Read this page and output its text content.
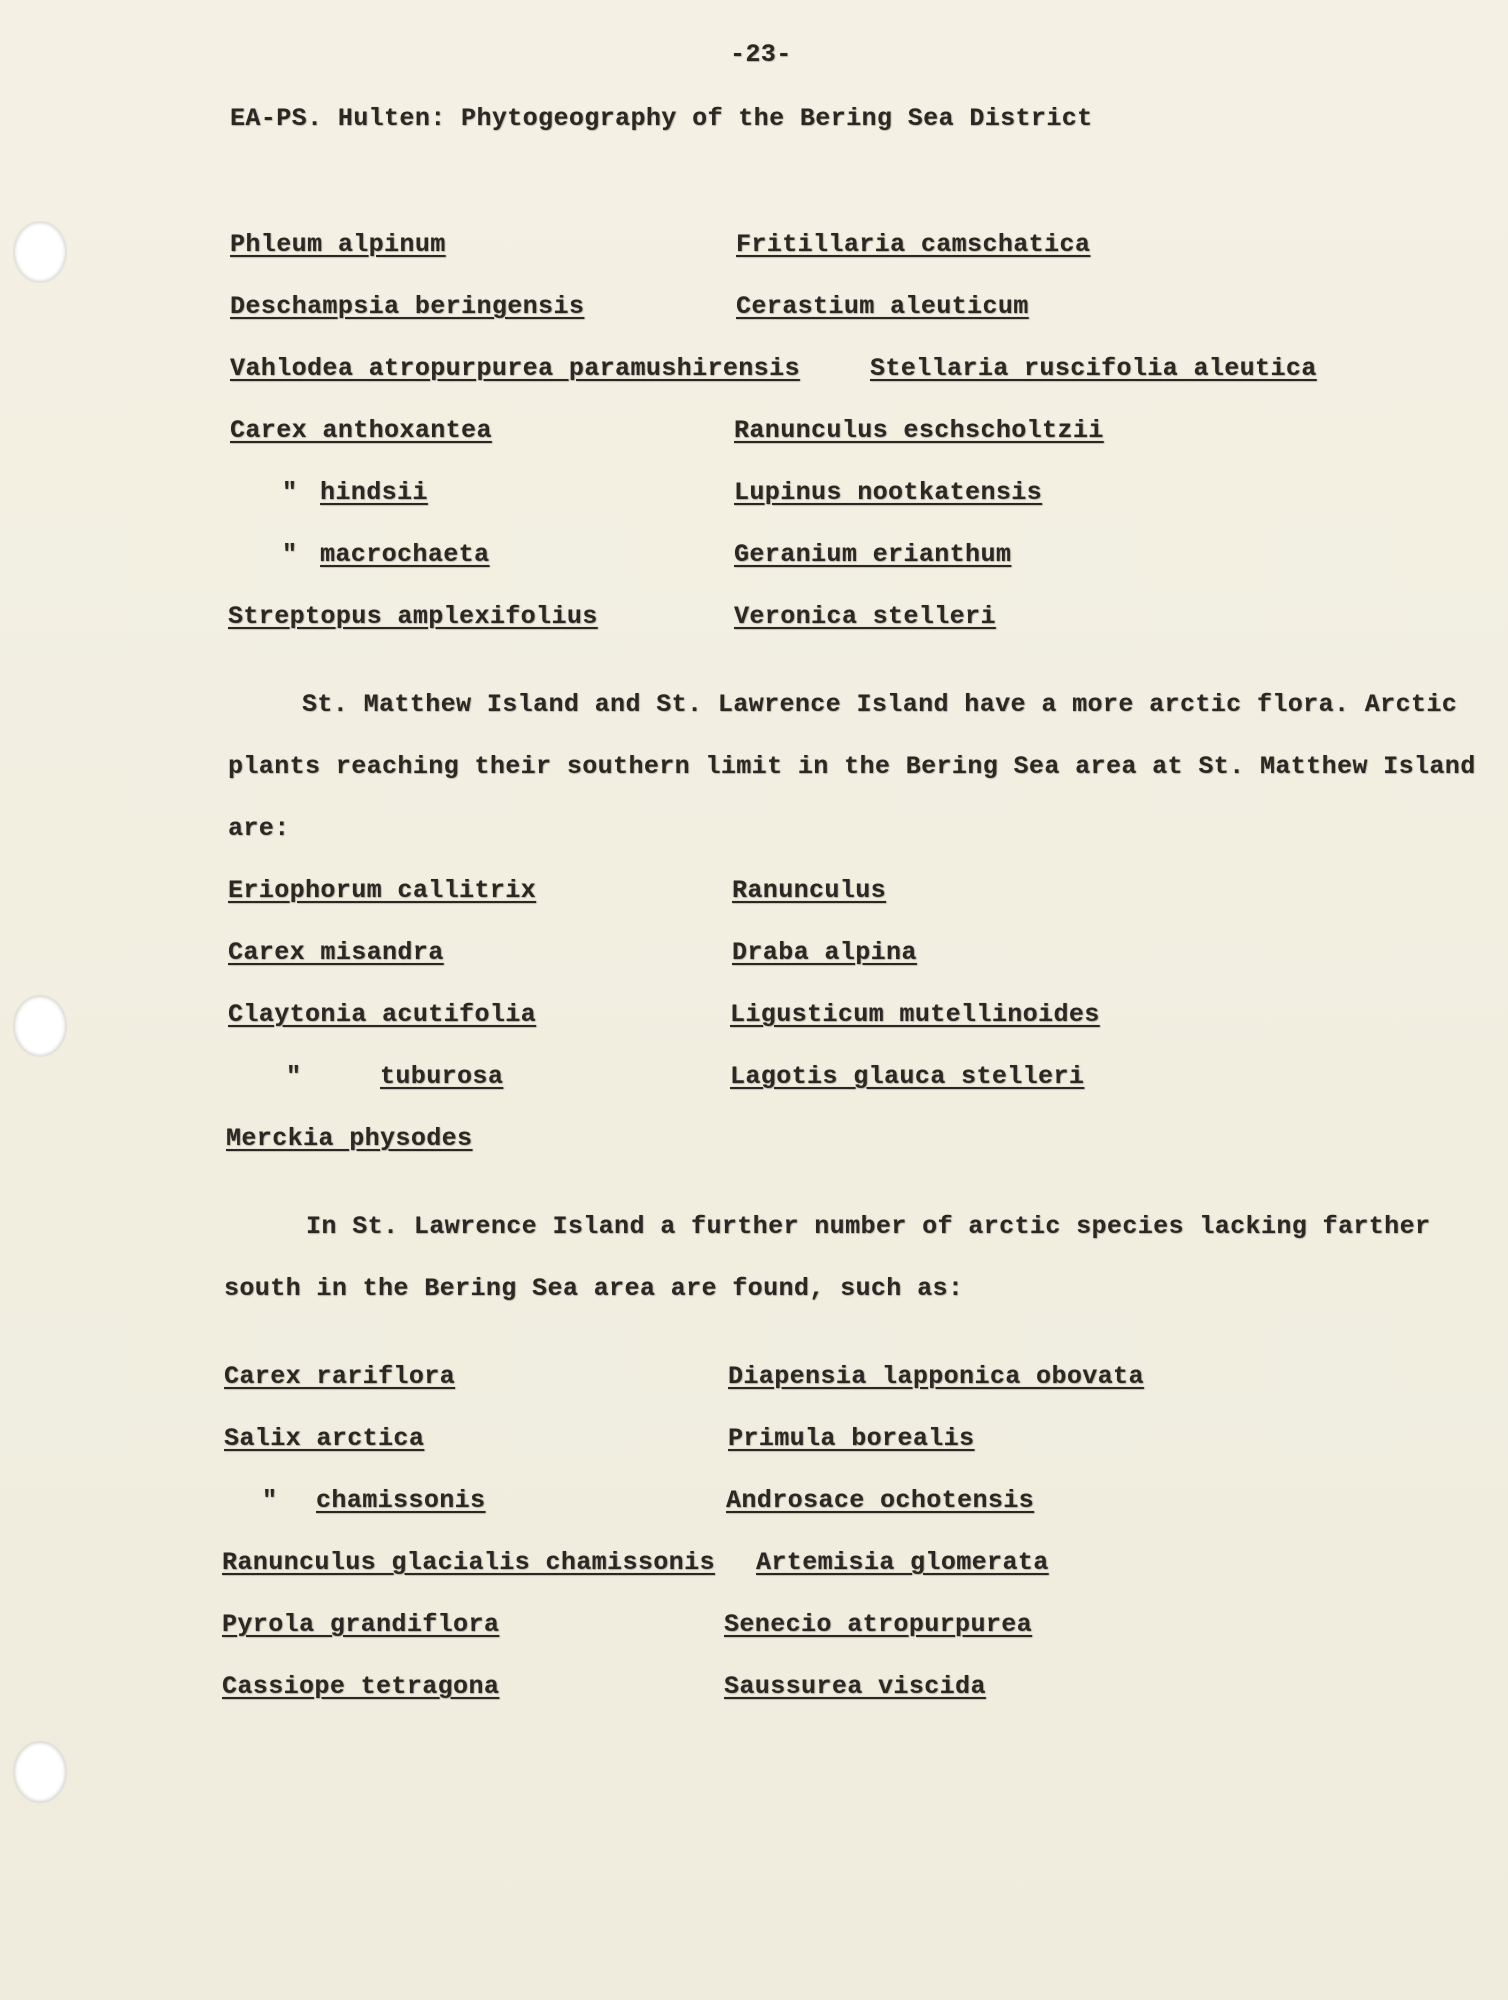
-23-
EA-PS. Hulten: Phytogeography of the Bering Sea District
Phleum alpinum	Fritillaria camschatica
Deschampsia beringensis	Cerastium aleuticum
Vahlodea atropurpurea paramushirensis	Stellaria ruscifolia aleutica
Carex anthoxantea	Ranunculus eschscholtzii
" hindsii	Lupinus nootkatensis
" macrochaeta	Geranium erianthum
Streptopus amplexifolius	Veronica stelleri
St. Matthew Island and St. Lawrence Island have a more arctic flora. Arctic
plants reaching their southern limit in the Bering Sea area at St. Matthew Island
are:
Eriophorum callitrix	Ranunculus
Carex misandra	Draba alpina
Claytonia acutifolia	Ligusticum mutellinoides
"	tuburosa	Lagotis glauca stelleri
Merckia physodes
In St. Lawrence Island a further number of arctic species lacking farther
south in the Bering Sea area are found, such as:
Carex rariflora	Diapensia lapponica obovata
Salix arctica	Primula borealis
" chamissonis	Androsace ochotensis
Ranunculus glacialis chamissonis Artemisia glomerata
Pyrola grandiflora	Senecio atropurpurea
Cassiope tetragona	Saussurea viscida
